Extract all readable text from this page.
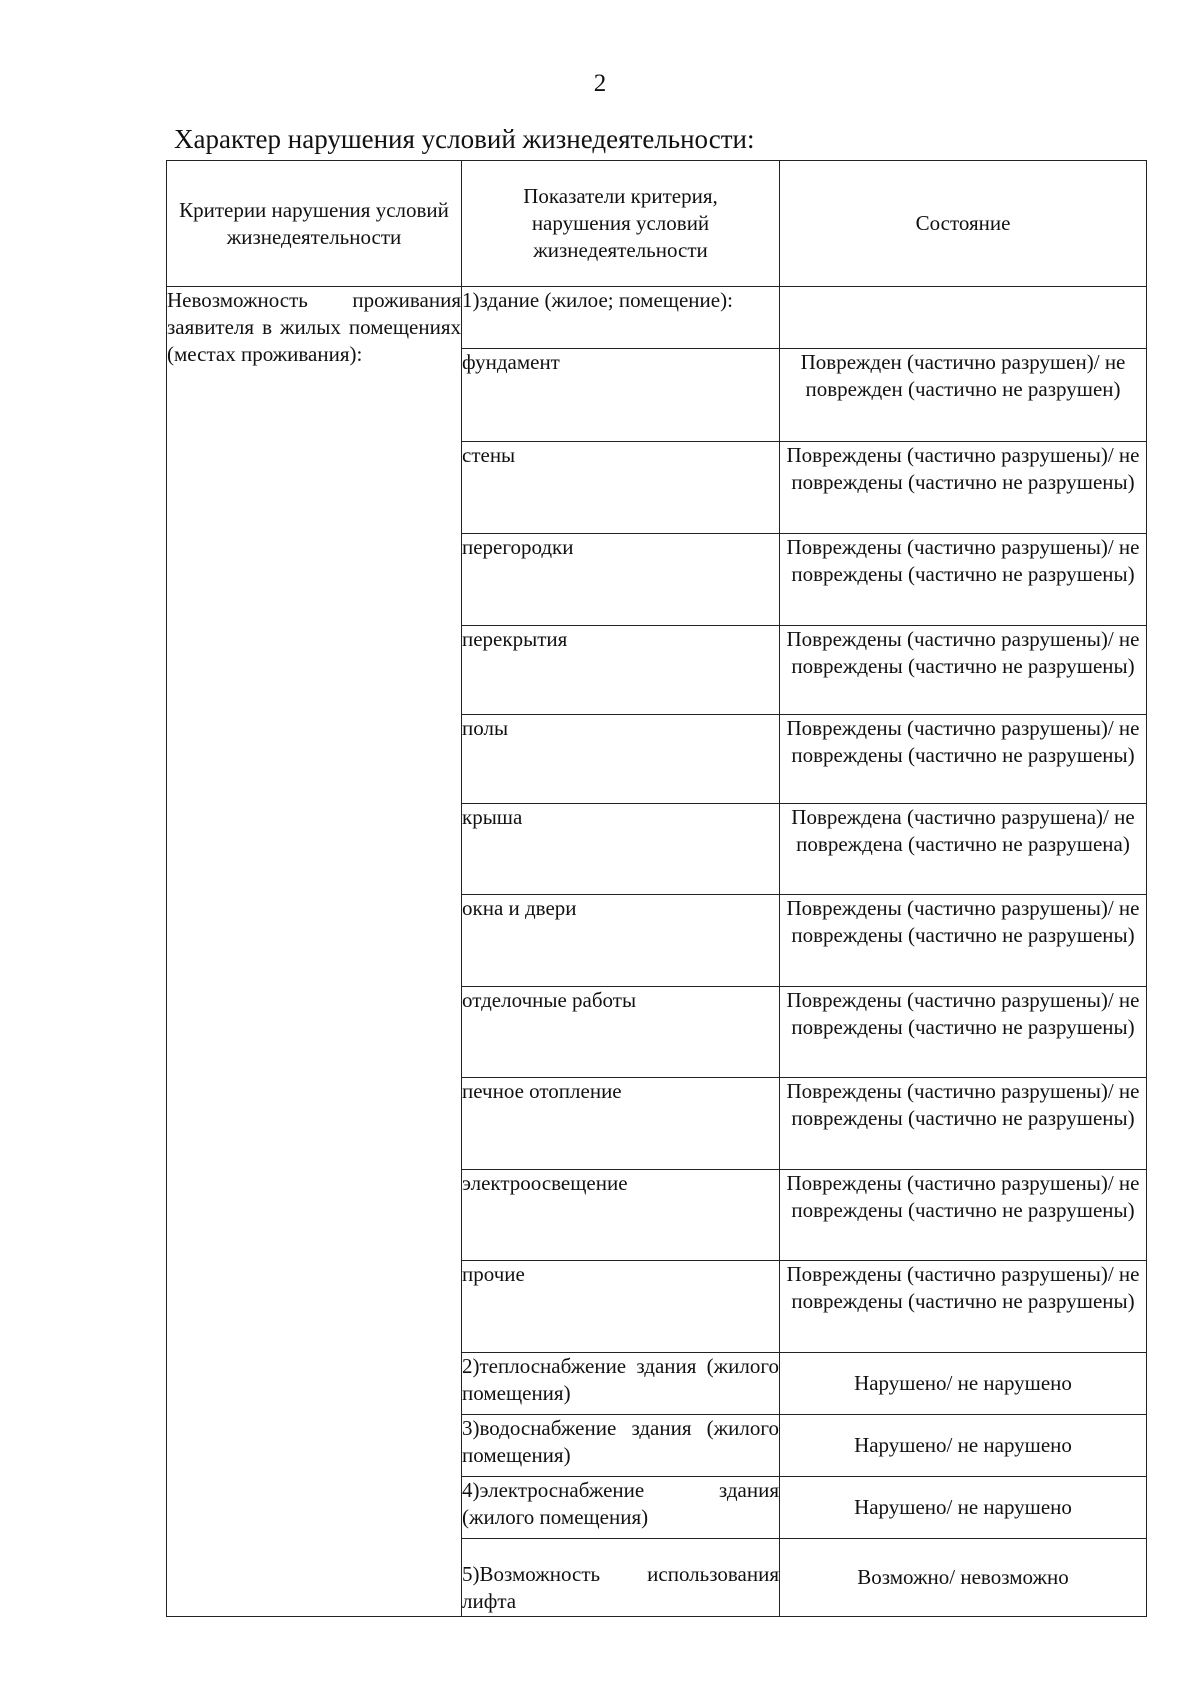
2
Характер нарушения условий жизнедеятельности:
Критерии нарушения условий жизнедеятельности	Показатели критерия, нарушения условий жизнедеятельности	Состояние

Невозможность проживания заявителя в жилых помещениях (местах проживания):	1)здание (жилое; помещение):	
	фундамент	Поврежден (частично разрушен)/ не поврежден (частично не разрушен)
	стены	Повреждены (частично разрушены)/ не повреждены (частично не разрушены)
	перегородки	Повреждены (частично разрушены)/ не повреждены (частично не разрушены)
	перекрытия	Повреждены (частично разрушены)/ не повреждены (частично не разрушены)
	полы	Повреждены (частично разрушены)/ не повреждены (частично не разрушены)
	крыша	Повреждена (частично разрушена)/ не повреждена (частично не разрушена)
	окна и двери	Повреждены (частично разрушены)/ не повреждены (частично не разрушены)
	отделочные работы	Повреждены (частично разрушены)/ не повреждены (частично не разрушены)
	печное отопление	Повреждены (частично разрушены)/ не повреждены (частично не разрушены)
	электроосвещение	Повреждены (частично разрушены)/ не повреждены (частично не разрушены)
	прочие	Повреждены (частично разрушены)/ не повреждены (частично не разрушены)
	2)теплоснабжение здания (жилого помещения)	Нарушено/ не нарушено
	3)водоснабжение здания (жилого помещения)	Нарушено/ не нарушено
	4)электроснабжение здания (жилого помещения)	Нарушено/ не нарушено
	5)Возможность использования лифта	Возможно/ невозможно
